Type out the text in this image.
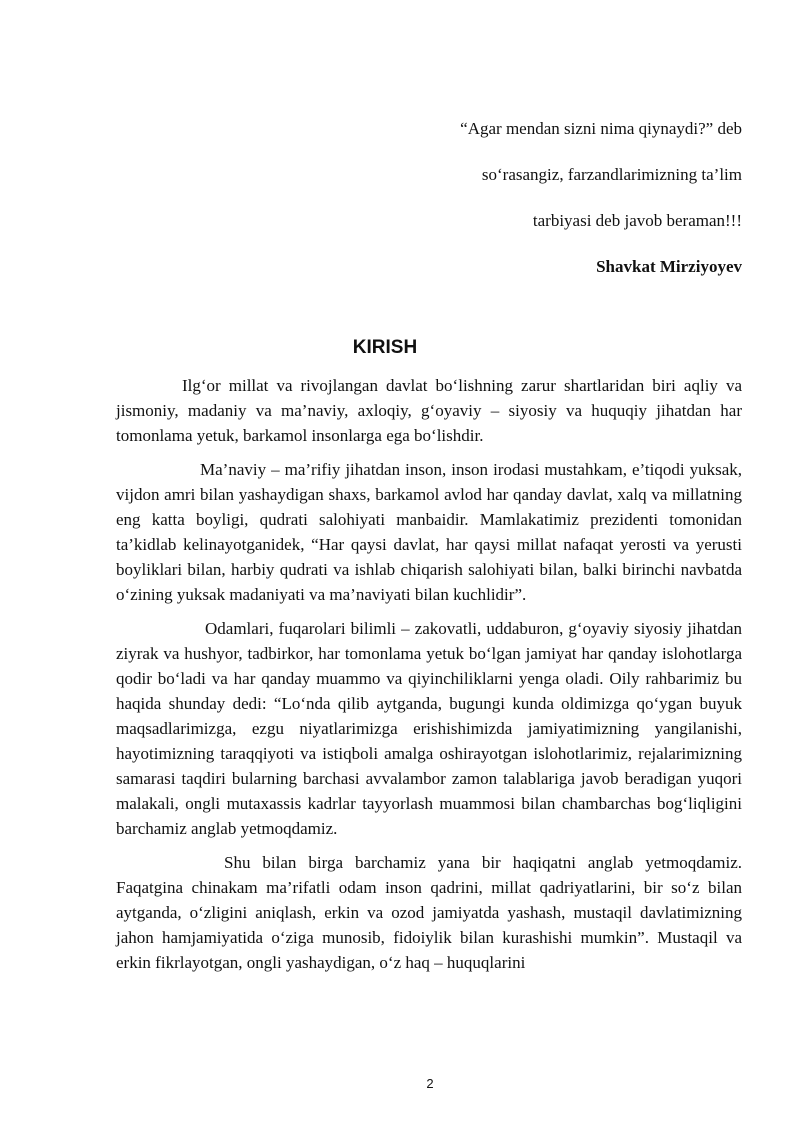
“Agar mendan sizni nima qiynaydi?” deb
so‘rasangiz, farzandlarimizning ta’lim
tarbiyasi deb javob beraman!!!
Shavkat Mirziyoyev
KIRISH

Ilg‘or millat va rivojlangan davlat bo‘lishning zarur shartlaridan biri aqliy va jismoniy, madaniy va ma’naviy, axloqiy, g‘oyaviy – siyosiy va huquqiy jihatdan har tomonlama yetuk, barkamol insonlarga ega bo‘lishdir.

Ma’naviy – ma’rifiy jihatdan inson, inson irodasi mustahkam, e’tiqodi yuksak, vijdon amri bilan yashaydigan shaxs, barkamol avlod har qanday davlat, xalq va millatning eng katta boyligi, qudrati salohiyati manbaidir. Mamlakatimiz prezidenti tomonidan ta’kidlab kelinayotganidek, “Har qaysi davlat, har qaysi millat nafaqat yerosti va yerusti boyliklari bilan, harbiy qudrati va ishlab chiqarish salohiyati bilan, balki birinchi navbatda o‘zining yuksak madaniyati va ma’naviyati bilan kuchlidir”.

Odamlari, fuqarolari bilimli – zakovatli, uddaburon, g‘oyaviy siyosiy jihatdan ziyrak va hushyor, tadbirkor, har tomonlama yetuk bo‘lgan jamiyat har qanday islohotlarga qodir bo‘ladi va har qanday muammo va qiyinchiliklarni yenga oladi. Oily rahbarimiz bu haqida shunday dedi: “Lo‘nda qilib aytganda, bugungi kunda oldimizga qo‘ygan buyuk maqsadlarimizga, ezgu niyatlarimizga erishishimizda jamiyatimizning yangilanishi, hayotimizning taraqqiyoti va istiqboli amalga oshirayotgan islohotlarimiz, rejalarimizning samarasi taqdiri bularning barchasi avvalambor zamon talablariga javob beradigan yuqori malakali, ongli mutaxassis kadrlar tayyorlash muammosi bilan chambarchas bog‘liqligini barchamiz anglab yetmoqdamiz.

Shu bilan birga barchamiz yana bir haqiqatni anglab yetmoqdamiz. Faqatgina chinakam ma’rifatli odam inson qadrini, millat qadriyatlarini, bir so‘z bilan aytganda, o‘zligini aniqlash, erkin va ozod jamiyatda yashash, mustaqil davlatimizning jahon hamjamiyatida o‘ziga munosib, fidoiylik bilan kurashishi mumkin”. Mustaqil va erkin fikrlayotgan, ongli yashaydigan, o‘z haq – huquqlarini

2
